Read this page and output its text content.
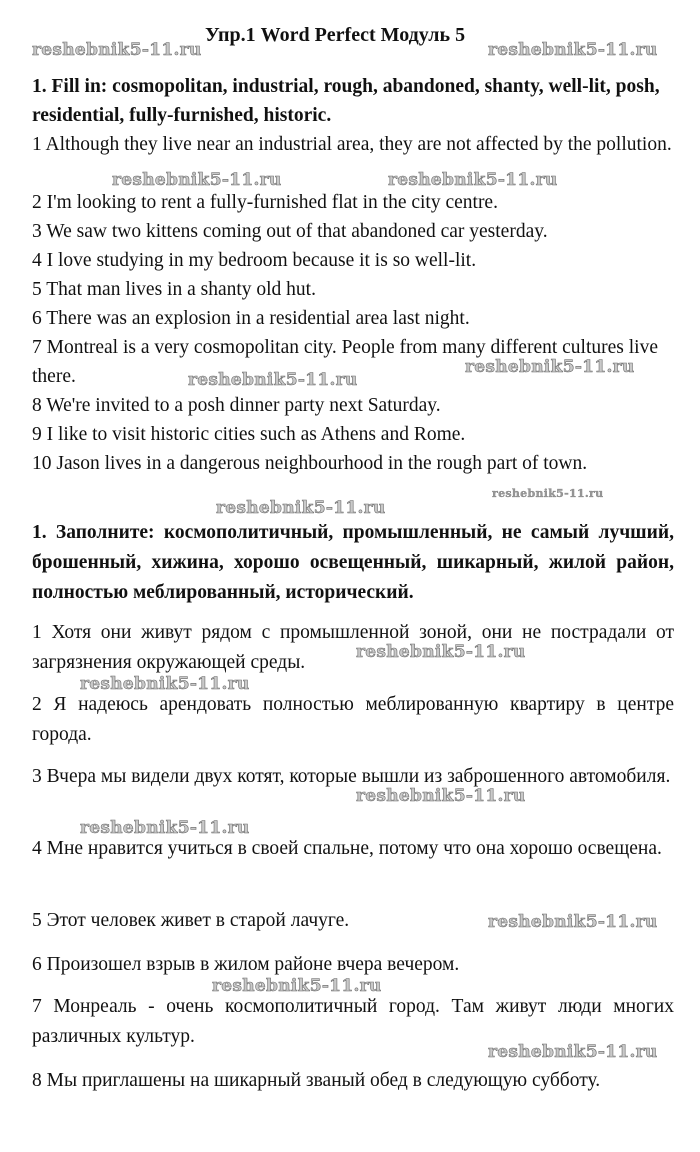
Упр.1 Word Perfect Модуль 5

1. Fill in: cosmopolitan, industrial, rough, abandoned, shanty, well-lit, posh, residential, fully-furnished, historic.

1 Although they live near an industrial area, they are not affected by the pollution.

2 I'm looking to rent a fully-furnished flat in the city centre.

3 We saw two kittens coming out of that abandoned car yesterday.

4 I love studying in my bedroom because it is so well-lit.

5 That man lives in a shanty old hut.

6 There was an explosion in a residential area last night.

7 Montreal is a very cosmopolitan city. People from many different cultures live there.

8 We're invited to a posh dinner party next Saturday.

9 I like to visit historic cities such as Athens and Rome.

10 Jason lives in a dangerous neighbourhood in the rough part of town.

1. Заполните: космополитичный, промышленный, не самый лучший, брошенный, хижина, хорошо освещенный, шикарный, жилой район, полностью меблированный, исторический.

1 Хотя они живут рядом с промышленной зоной, они не пострадали от загрязнения окружающей среды.

2 Я надеюсь арендовать полностью меблированную квартиру в центре города.

3 Вчера мы видели двух котят, которые вышли из заброшенного автомобиля.

4 Мне нравится учиться в своей спальне, потому что она хорошо освещена.

5 Этот человек живет в старой лачуге.

6 Произошел взрыв в жилом районе вчера вечером.

7 Монреаль - очень космополитичный город. Там живут люди многих различных культур.

8 Мы приглашены на шикарный званый обед в следующую субботу.

reshebnik5-11.ru	reshebnik5-11.ru
reshebnik5-11.ru	reshebnik5-11.ru
reshebnik5-11.ru
reshebnik5-11.ru
reshebnik5-11.ru
reshebnik5-11.ru
reshebnik5-11.ru
reshebnik5-11.ru
reshebnik5-11.ru
reshebnik5-11.ru
reshebnik5-11.ru
reshebnik5-11.ru
reshebnik5-11.ru
